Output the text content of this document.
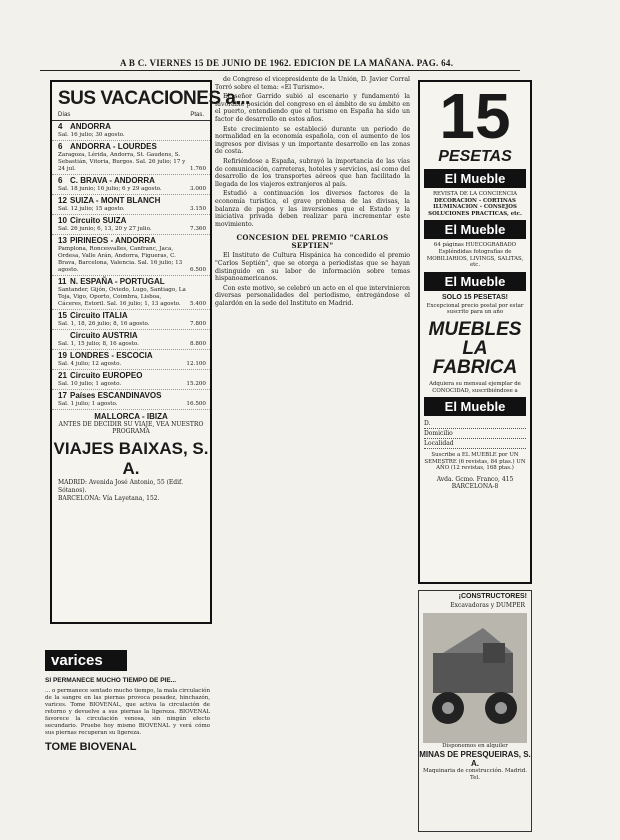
A B C. VIERNES 15 DE JUNIO DE 1962. EDICION DE LA MAÑANA. PAG. 64.
SUS VACACIONES a...
Días	Ptas.
4 ANDORRA
Sal. 16 julio; 30 agosto.
6 ANDORRA - LOURDES
Zaragoza, Lérida, Andorra, St. Gaudens, S. Sebastián, Vitoria, Burgos. Sal. 26 julio; 17 y 24 jul.	1.760
6 C. BRAVA - ANDORRA
Sal. 18 junio; 16 julio; 6 y 29 agosto.	3.000
12 SUIZA - MONT BLANCH
Sal. 12 julio; 15 agosto.	3.150
10 Circuito SUIZA
Sal. 26 junio; 6, 13, 20 y 27 julio.	7.360
13 PIRINEOS - ANDORRA
Pamplona, Roncesvalles, Canfranc, Jaca, Ordesa, Valle Arán, Andorra, Figueras, C. Brava, Barcelona, Valencia. Sal. 16 julio; 13 agosto.	6.500
11 N. ESPAÑA - PORTUGAL
Santander, Gijón, Oviedo, Lugo, Santiago, La Toja, Vigo, Oporto, Coimbra, Lisboa, Cáceres, Estoril. Sal. 16 julio; 1, 13 agosto.	5.400
15 Circuito ITALIA
Sal. 1, 18, 26 julio; 8, 16 agosto.	7.800
Circuito AUSTRIA
Sal. 1, 15 julio; 8, 16 agosto.	8.800
19 LONDRES - ESCOCIA
Sal. 4 julio; 12 agosto.	12.100
21 Circuito EUROPEO
Sal. 10 julio; 1 agosto.	15.200
17 Países ESCANDINAVOS
Sal. 1 julio; 1 agosto.	16.500
MALLORCA - IBIZA
ANTES DE DECIDIR SU VIAJE, VEA NUESTRO PROGRAMA
VIAJES BAIXAS, S. A.
MADRID: Avenida José Antonio, 55 (Edif. Sótanos).
BARCELONA: Vía Layetana, 152.
varices
SI PERMANECE MUCHO TIEMPO DE PIE...
... o permanece sentado mucho tiempo, la mala circulación de la sangre en las piernas provoca pesadez, hinchazón, varices. Tome BIOVENAL, que activa la circulación de retorno y devuelve a sus piernas la ligereza. BIOVENAL favorece la circulación venosa, sin ningún efecto secundario. Pruebe hoy mismo BIOVENAL y verá cómo sus piernas recuperan su ligereza.
TOME BIOVENAL

de Congreso el vicepresidente de la Unión, D. Javier Corral Torró sobre el tema: «El Turismo».

El señor Garrido subió al escenario y fundamentó la favorable posición del congreso en el ámbito de su ámbito en el puerto, entendiendo que el turismo en España ha sido un factor de desarrollo en estos años.

Este crecimiento se estableció durante un periodo de normalidad en la economía española, con el aumento de los ingresos por divisas y un importante desarrollo en las zonas de costa.

Refiriéndose a España, subrayó la importancia de las vías de comunicación, carreteras, hoteles y servicios, así como del desarrollo de los transportes aéreos que han facilitado la llegada de los viajeros extranjeros al país.

Estudió a continuación los diversos factores de la economía turística, el grave problema de las divisas, la balanza de pagos y las inversiones que el Estado y la iniciativa privada deben realizar para incrementar este movimiento.

CONCESION DEL PREMIO "CARLOS SEPTIEN"

El Instituto de Cultura Hispánica ha concedido el premio "Carlos Septién", que se otorga a periodistas que se hayan distinguido en su labor de información sobre temas hispanoamericanos.

Con este motivo, se celebró un acto en el que intervinieron diversas personalidades del periodismo, entregándose el galardón en la sede del Instituto en Madrid.

15
PESETAS
El Mueble
REVISTA DE LA CONCIENCIA
DECORACION - CORTINAS ILUMINACION - CONSEJOS SOLUCIONES PRACTICAS, etc.
El Mueble
64 páginas HUECOGRABADO
Espléndidas fotografías de MOBILIARIOS, LIVINGS, SALITAS, etc.
El Mueble
SOLO 15 PESETAS!
Excepcional precio postal por estar suscrito para un año
MUEBLES LA FABRICA
Adquiera su mensual ejemplar de CONOCIDAD, suscribiéndose a
El Mueble
D.
Domicilio
Localidad
Suscribe a EL MUEBLE por UN SEMESTRE (6 revistas, 84 ptas.) UN AÑO (12 revistas, 168 ptas.)
Avda. Gcmo. Franco, 415 BARCELONA-8
¡CONSTRUCTORES!
Excavadoras y DUMPER
Disponemos en alquiler
MINAS DE PRESQUEIRAS, S. A.
Maquinaria de construcción. Madrid. Tel.
